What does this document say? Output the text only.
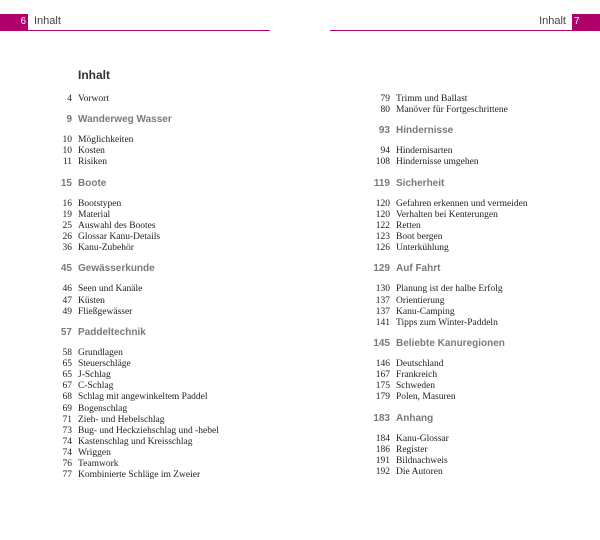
6 Inhalt	Inhalt 7
Inhalt
4 Vorwort
9 Wanderweg Wasser
10 Möglichkeiten
10 Kosten
11 Risiken
15 Boote
16 Bootstypen
19 Material
25 Auswahl des Bootes
26 Glossar Kanu-Details
36 Kanu-Zubehör
45 Gewässerkunde
46 Seen und Kanäle
47 Küsten
49 Fließgewässer
57 Paddeltechnik
58 Grundlagen
65 Steuerschläge
65 J-Schlag
67 C-Schlag
68 Schlag mit angewinkeltem Paddel
69 Bogenschlag
71 Zieh- und Hebelschlag
73 Bug- und Heckziehschlag und -hebel
74 Kastenschlag und Kreisschlag
74 Wriggen
76 Teamwork
77 Kombinierte Schläge im Zweier
79 Trimm und Ballast
80 Manöver für Fortgeschrittene
93 Hindernisse
94 Hindernisarten
108 Hindernisse umgehen
119 Sicherheit
120 Gefahren erkennen und vermeiden
120 Verhalten bei Kenterungen
122 Retten
123 Boot bergen
126 Unterkühlung
129 Auf Fahrt
130 Planung ist der halbe Erfolg
137 Orientierung
137 Kanu-Camping
141 Tipps zum Winter-Paddeln
145 Beliebte Kanuregionen
146 Deutschland
167 Frankreich
175 Schweden
179 Polen, Masuren
183 Anhang
184 Kanu-Glossar
186 Register
191 Bildnachweis
192 Die Autoren
